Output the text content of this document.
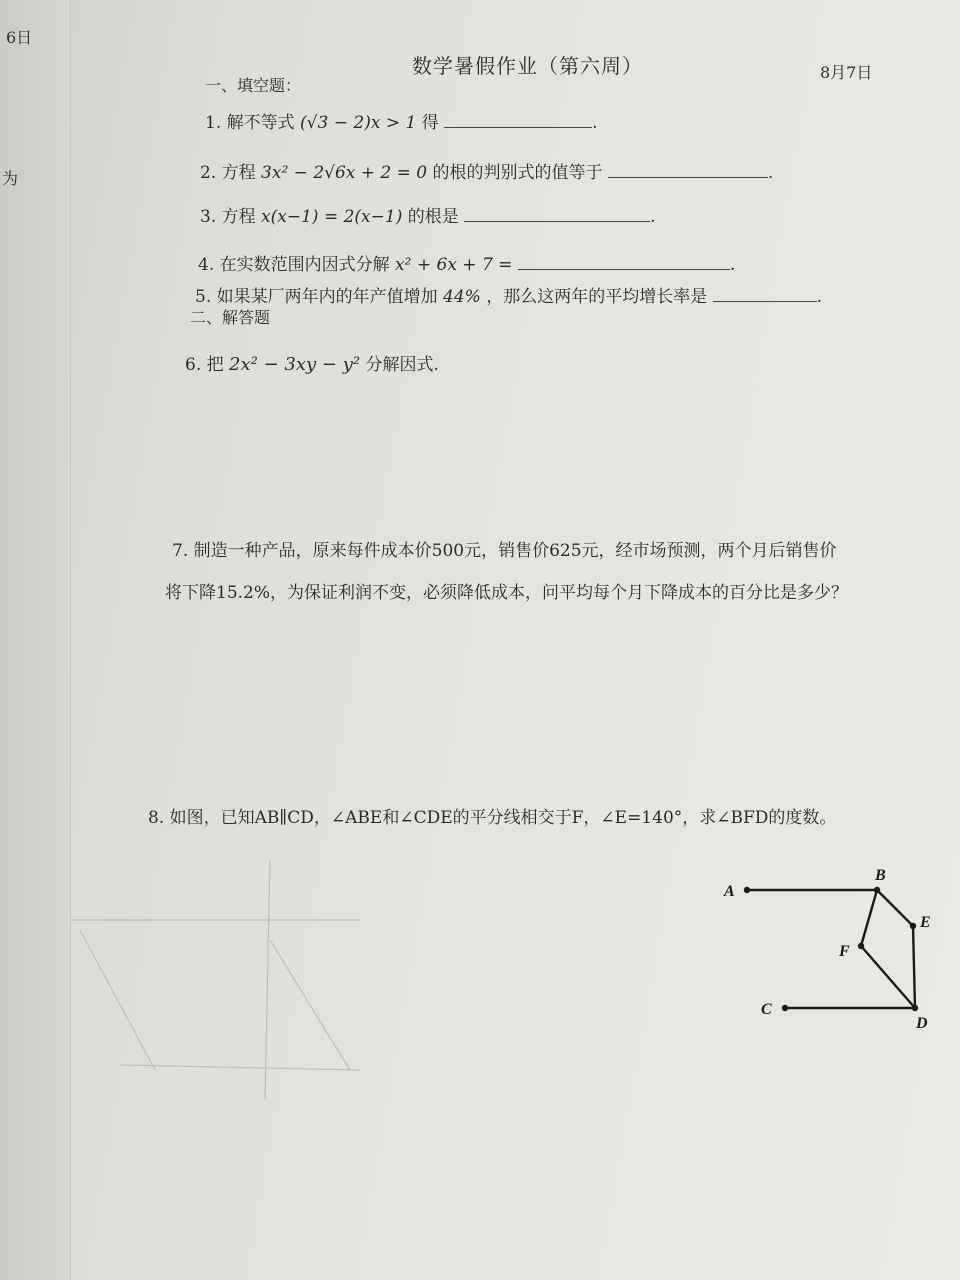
6日
为
数学暑假作业（第六周）	8月7日
一、填空题：
1. 解不等式 (√3 − 2)x > 1 得	.
2. 方程 3x² − 2√6x + 2 = 0 的根的判别式的值等于	.
3. 方程 x(x−1) = 2(x−1) 的根是	.
4. 在实数范围内因式分解 x² + 6x + 7 =	.
5. 如果某厂两年内的年产值增加 44% ，那么这两年的平均增长率是	.
二、解答题
6. 把 2x² − 3xy − y² 分解因式.
7. 制造一种产品，原来每件成本价500元，销售价625元，经市场预测，两个月后销售价
将下降15.2%，为保证利润不变，必须降低成本，问平均每个月下降成本的百分比是多少？
8. 如图，已知AB∥CD，∠ABE和∠CDE的平分线相交于F，∠E=140°，求∠BFD的度数。
A
B
E
F
C
D
